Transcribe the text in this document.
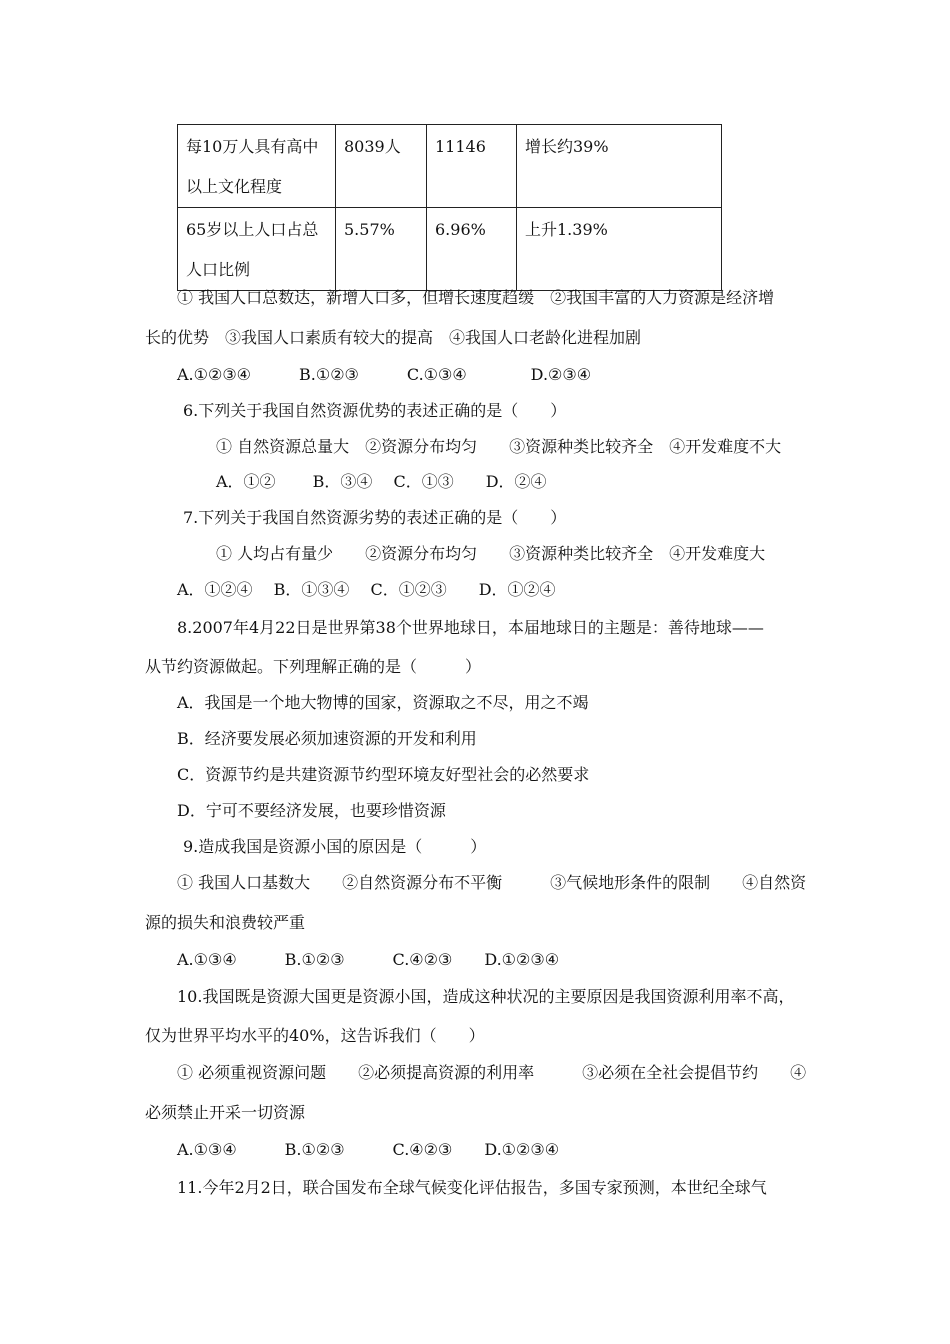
每10万人具有高中以上文化程度	8039人	11146	增长约39%
65岁以上人口占总人口比例	5.57%	6.96%	上升1.39%
① 我国人口总数达，新增人口多，但增长速度趋缓　②我国丰富的人力资源是经济增
长的优势　③我国人口素质有较大的提高　④我国人口老龄化进程加剧
A.①②③④　　　B.①②③　　　C.①③④　　　　D.②③④
6.下列关于我国自然资源优势的表述正确的是（　　）
① 自然资源总量大　②资源分布均匀　　③资源种类比较齐全　④开发难度不大
A．①②　　 B．③④　 C．①③　　D．②④
7.下列关于我国自然资源劣势的表述正确的是（　　）
① 人均占有量少　　②资源分布均匀　　③资源种类比较齐全　④开发难度大
A．①②④　 B．①③④　 C．①②③　　D．①②④
8.2007年4月22日是世界第38个世界地球日，本届地球日的主题是：善待地球——
从节约资源做起。下列理解正确的是（　　　）
A．我国是一个地大物博的国家，资源取之不尽，用之不竭
B．经济要发展必须加速资源的开发和利用
C．资源节约是共建资源节约型环境友好型社会的必然要求
D．宁可不要经济发展，也要珍惜资源
9.造成我国是资源小国的原因是（　　　）
① 我国人口基数大　　②自然资源分布不平衡　　　③气候地形条件的限制　　④自然资
源的损失和浪费较严重
A.①③④　　　B.①②③　　　C.④②③　　D.①②③④
10.我国既是资源大国更是资源小国，造成这种状况的主要原因是我国资源利用率不高，
仅为世界平均水平的40%，这告诉我们（　　）
① 必须重视资源问题　　②必须提高资源的利用率　　　③必须在全社会提倡节约　　④
必须禁止开采一切资源
A.①③④　　　B.①②③　　　C.④②③　　D.①②③④
11.今年2月2日，联合国发布全球气候变化评估报告，多国专家预测，本世纪全球气
